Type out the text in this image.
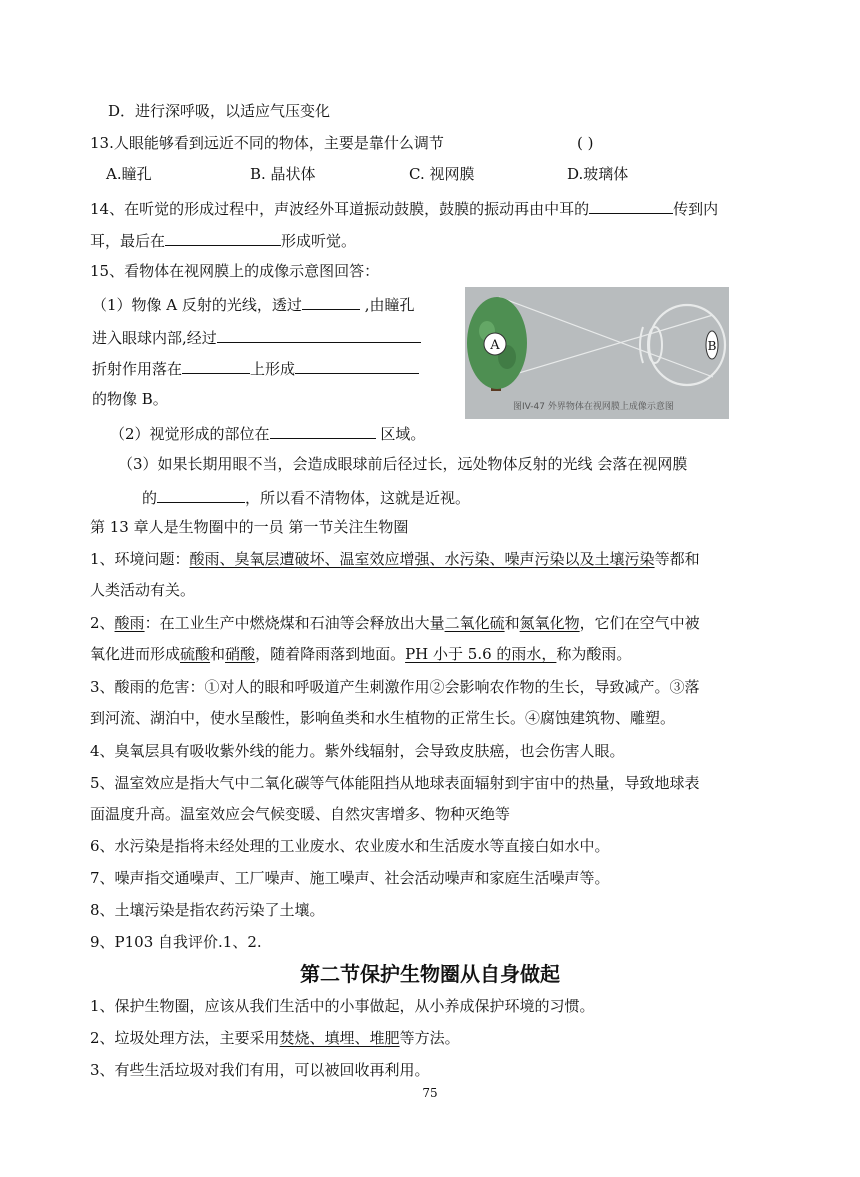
D．进行深呼吸，以适应气压变化
13.人眼能够看到远近不同的物体，主要是靠什么调节	( )
A.瞳孔	B. 晶状体	C. 视网膜	D.玻璃体
14、在听觉的形成过程中，声波经外耳道振动鼓膜，鼓膜的振动再由中耳的	传到内
耳，最后在	形成听觉。
15、看物体在视网膜上的成像示意图回答：
（1）物像 A 反射的光线，透过	,由瞳孔
进入眼球内部,经过
折射作用落在	上形成
的物像 B。
（2）视觉形成的部位在	区域。
（3）如果长期用眼不当，会造成眼球前后径过长，远处物体反射的光线 会落在视网膜
的	，所以看不清物体，这就是近视。
A	B
图IV-47 外界物体在视网膜上成像示意图
第 13 章人是生物圈中的一员 第一节关注生物圈
1、环境问题：酸雨、臭氧层遭破坏、温室效应增强、水污染、噪声污染以及土壤污染等都和
人类活动有关。
2、酸雨：在工业生产中燃烧煤和石油等会释放出大量二氧化硫和氮氧化物，它们在空气中被
氧化进而形成硫酸和硝酸，随着降雨落到地面。PH 小于 5.6 的雨水，称为酸雨。
3、酸雨的危害：①对人的眼和呼吸道产生刺激作用②会影响农作物的生长，导致减产。③落
到河流、湖泊中，使水呈酸性，影响鱼类和水生植物的正常生长。④腐蚀建筑物、雕塑。
4、臭氧层具有吸收紫外线的能力。紫外线辐射，会导致皮肤癌，也会伤害人眼。
5、温室效应是指大气中二氧化碳等气体能阻挡从地球表面辐射到宇宙中的热量，导致地球表
面温度升高。温室效应会气候变暖、自然灾害增多、物种灭绝等
6、水污染是指将未经处理的工业废水、农业废水和生活废水等直接白如水中。
7、噪声指交通噪声、工厂噪声、施工噪声、社会活动噪声和家庭生活噪声等。
8、土壤污染是指农药污染了土壤。
9、P103 自我评价.1、2.
第二节保护生物圈从自身做起
1、保护生物圈，应该从我们生活中的小事做起，从小养成保护环境的习惯。
2、垃圾处理方法，主要采用焚烧、填埋、堆肥等方法。
3、有些生活垃圾对我们有用，可以被回收再利用。
75
